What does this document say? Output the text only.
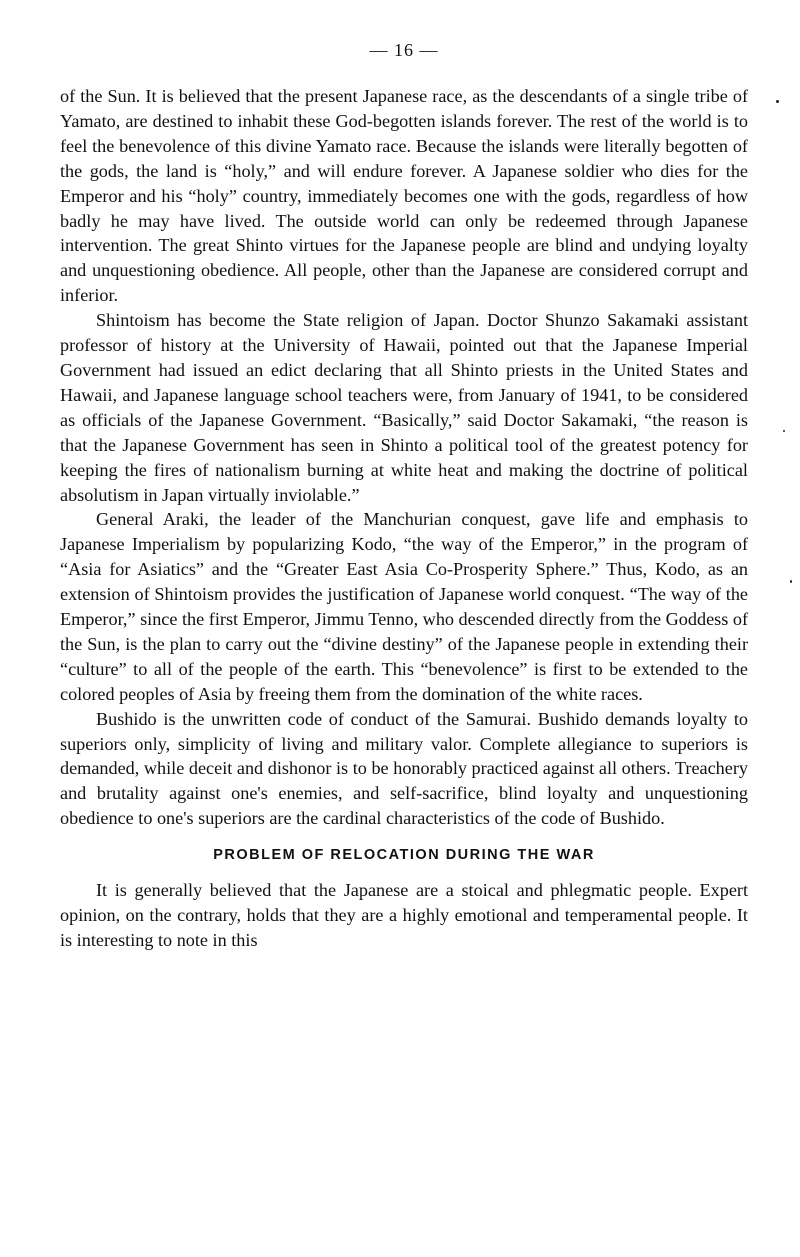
— 16 —

of the Sun. It is believed that the present Japanese race, as the descendants of a single tribe of Yamato, are destined to inhabit these God-begotten islands forever. The rest of the world is to feel the benevolence of this divine Yamato race. Because the islands were literally begotten of the gods, the land is “holy,” and will endure forever. A Japanese soldier who dies for the Emperor and his “holy” country, immediately becomes one with the gods, regardless of how badly he may have lived. The outside world can only be redeemed through Japanese intervention. The great Shinto virtues for the Japanese people are blind and undying loyalty and unquestioning obedience. All people, other than the Japanese are considered corrupt and inferior.

Shintoism has become the State religion of Japan. Doctor Shunzo Sakamaki assistant professor of history at the University of Hawaii, pointed out that the Japanese Imperial Government had issued an edict declaring that all Shinto priests in the United States and Hawaii, and Japanese language school teachers were, from January of 1941, to be considered as officials of the Japanese Government. “Basically,” said Doctor Sakamaki, “the reason is that the Japanese Government has seen in Shinto a political tool of the greatest potency for keeping the fires of nationalism burning at white heat and making the doctrine of political absolutism in Japan virtually inviolable.”

General Araki, the leader of the Manchurian conquest, gave life and emphasis to Japanese Imperialism by popularizing Kodo, “the way of the Emperor,” in the program of “Asia for Asiatics” and the “Greater East Asia Co-Prosperity Sphere.” Thus, Kodo, as an extension of Shintoism provides the justification of Japanese world conquest. “The way of the Emperor,” since the first Emperor, Jimmu Tenno, who descended directly from the Goddess of the Sun, is the plan to carry out the “divine destiny” of the Japanese people in extending their “culture” to all of the people of the earth. This “benevolence” is first to be extended to the colored peoples of Asia by freeing them from the domination of the white races.

Bushido is the unwritten code of conduct of the Samurai. Bushido demands loyalty to superiors only, simplicity of living and military valor. Complete allegiance to superiors is demanded, while deceit and dishonor is to be honorably practiced against all others. Treachery and brutality against one's enemies, and self-sacrifice, blind loyalty and unquestioning obedience to one's superiors are the cardinal characteristics of the code of Bushido.

PROBLEM OF RELOCATION DURING THE WAR

It is generally believed that the Japanese are a stoical and phlegmatic people. Expert opinion, on the contrary, holds that they are a highly emotional and temperamental people. It is interesting to note in this
